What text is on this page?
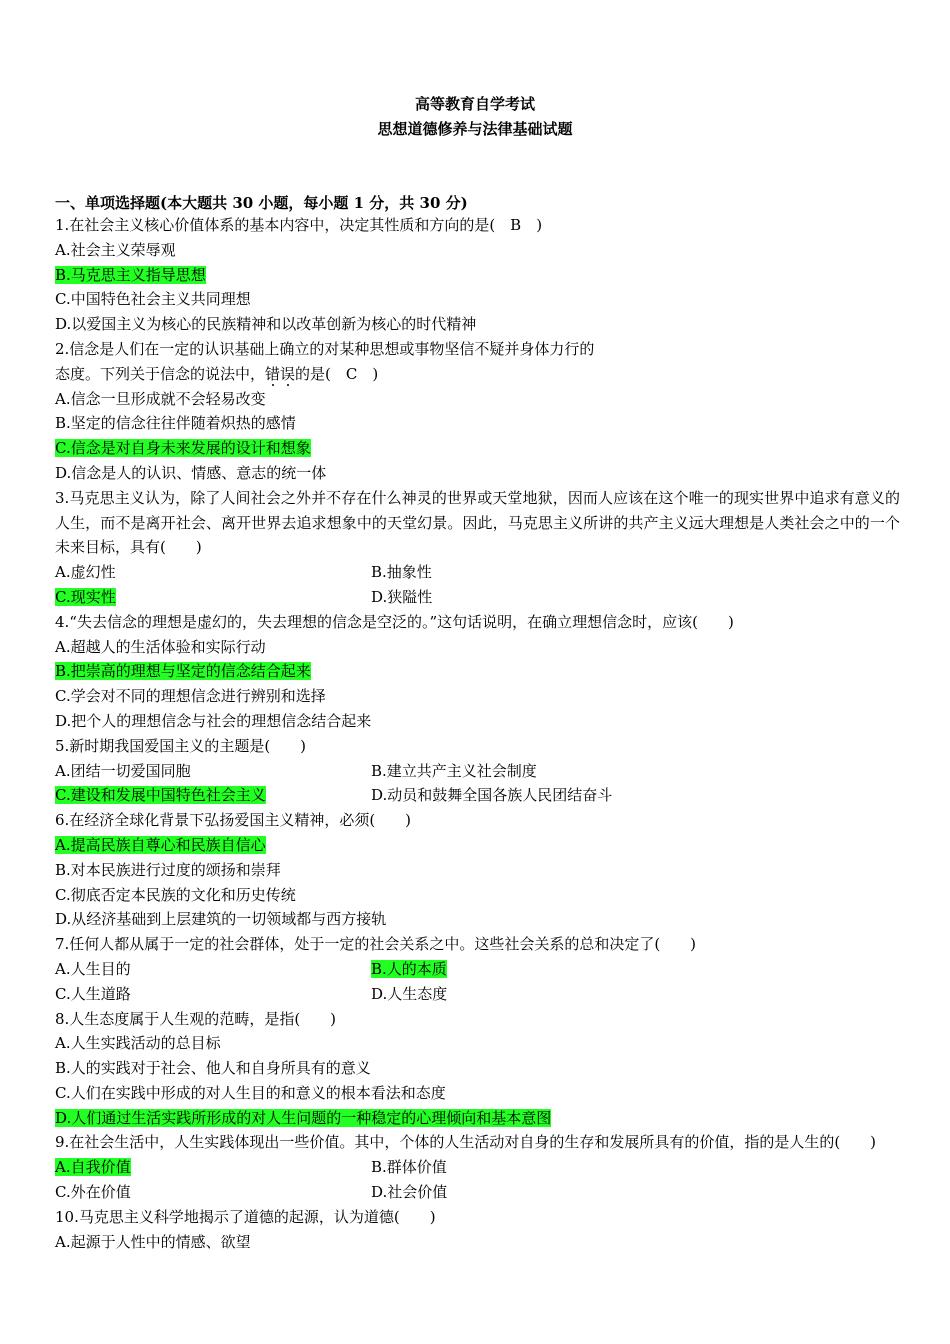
高等教育自学考试
思想道德修养与法律基础试题
一、单项选择题(本大题共 30 小题，每小题 1 分，共 30 分)
1.在社会主义核心价值体系的基本内容中，决定其性质和方向的是(　B　)
A.社会主义荣辱观
B.马克思主义指导思想
C.中国特色社会主义共同理想
D.以爱国主义为核心的民族精神和以改革创新为核心的时代精神
2.信念是人们在一定的认识基础上确立的对某种思想或事物坚信不疑并身体力行的
态度。下列关于信念的说法中，错误的是(　C　)
A.信念一旦形成就不会轻易改变
B.坚定的信念往往伴随着炽热的感情
C.信念是对自身未来发展的设计和想象
D.信念是人的认识、情感、意志的统一体
3.马克思主义认为，除了人间社会之外并不存在什么神灵的世界或天堂地狱，因而人应该在这个唯一的现实世界中追求有意义的人生，而不是离开社会、离开世界去追求想象中的天堂幻景。因此，马克思主义所讲的共产主义远大理想是人类社会之中的一个未来目标，具有(　　)
A.虚幻性	B.抽象性
C.现实性	D.狭隘性
4.“失去信念的理想是虚幻的，失去理想的信念是空泛的。”这句话说明，在确立理想信念时，应该(　　)
A.超越人的生活体验和实际行动
B.把崇高的理想与坚定的信念结合起来
C.学会对不同的理想信念进行辨别和选择
D.把个人的理想信念与社会的理想信念结合起来
5.新时期我国爱国主义的主题是(　　)
A.团结一切爱国同胞	B.建立共产主义社会制度
C.建设和发展中国特色社会主义	D.动员和鼓舞全国各族人民团结奋斗
6.在经济全球化背景下弘扬爱国主义精神，必须(　　)
A.提高民族自尊心和民族自信心
B.对本民族进行过度的颂扬和崇拜
C.彻底否定本民族的文化和历史传统
D.从经济基础到上层建筑的一切领域都与西方接轨
7.任何人都从属于一定的社会群体，处于一定的社会关系之中。这些社会关系的总和决定了(　　)
A.人生目的	B.人的本质
C.人生道路	D.人生态度
8.人生态度属于人生观的范畴，是指(　　)
A.人生实践活动的总目标
B.人的实践对于社会、他人和自身所具有的意义
C.人们在实践中形成的对人生目的和意义的根本看法和态度
D.人们通过生活实践所形成的对人生问题的一种稳定的心理倾向和基本意图
9.在社会生活中，人生实践体现出一些价值。其中，个体的人生活动对自身的生存和发展所具有的价值，指的是人生的(　　)
A.自我价值	B.群体价值
C.外在价值	D.社会价值
10.马克思主义科学地揭示了道德的起源，认为道德(　　)
A.起源于人性中的情感、欲望
